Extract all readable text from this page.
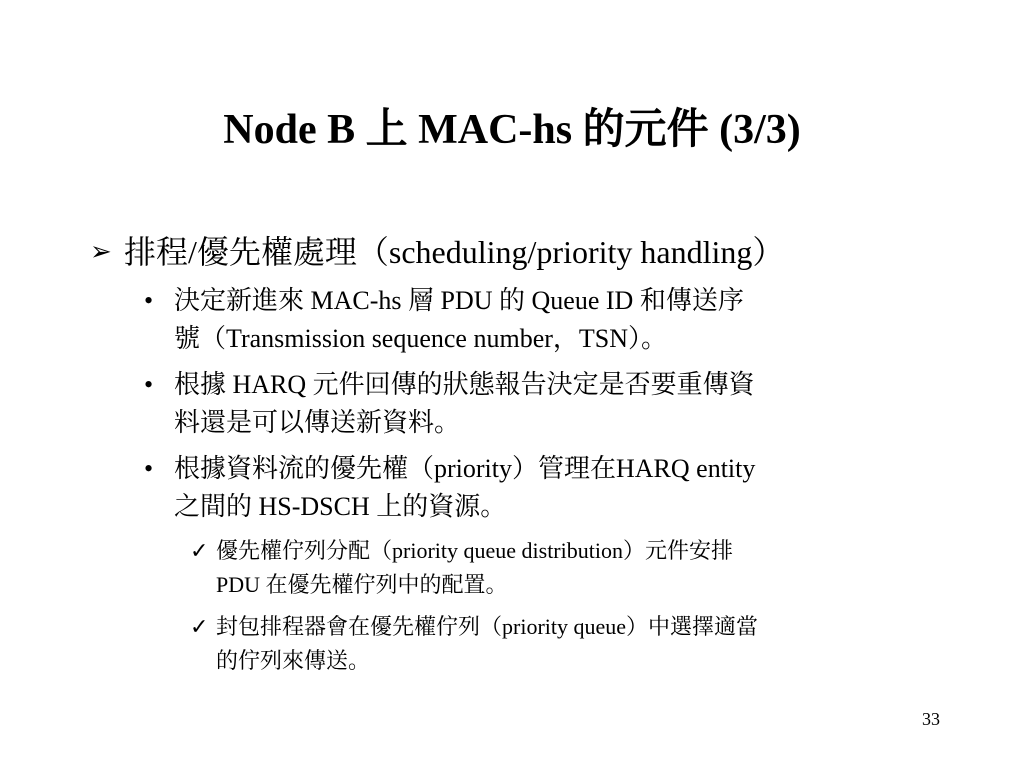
Node B 上 MAC-hs 的元件 (3/3)
➢ 排程/優先權處理（scheduling/priority handling）
• 決定新進來 MAC-hs 層 PDU 的 Queue ID 和傳送序
號（Transmission sequence number，TSN）。
• 根據 HARQ 元件回傳的狀態報告決定是否要重傳資
料還是可以傳送新資料。
• 根據資料流的優先權（priority）管理在HARQ entity
之間的 HS-DSCH 上的資源。
✓ 優先權佇列分配（priority queue distribution）元件安排
PDU 在優先權佇列中的配置。
✓ 封包排程器會在優先權佇列（priority queue）中選擇適當
的佇列來傳送。
33
